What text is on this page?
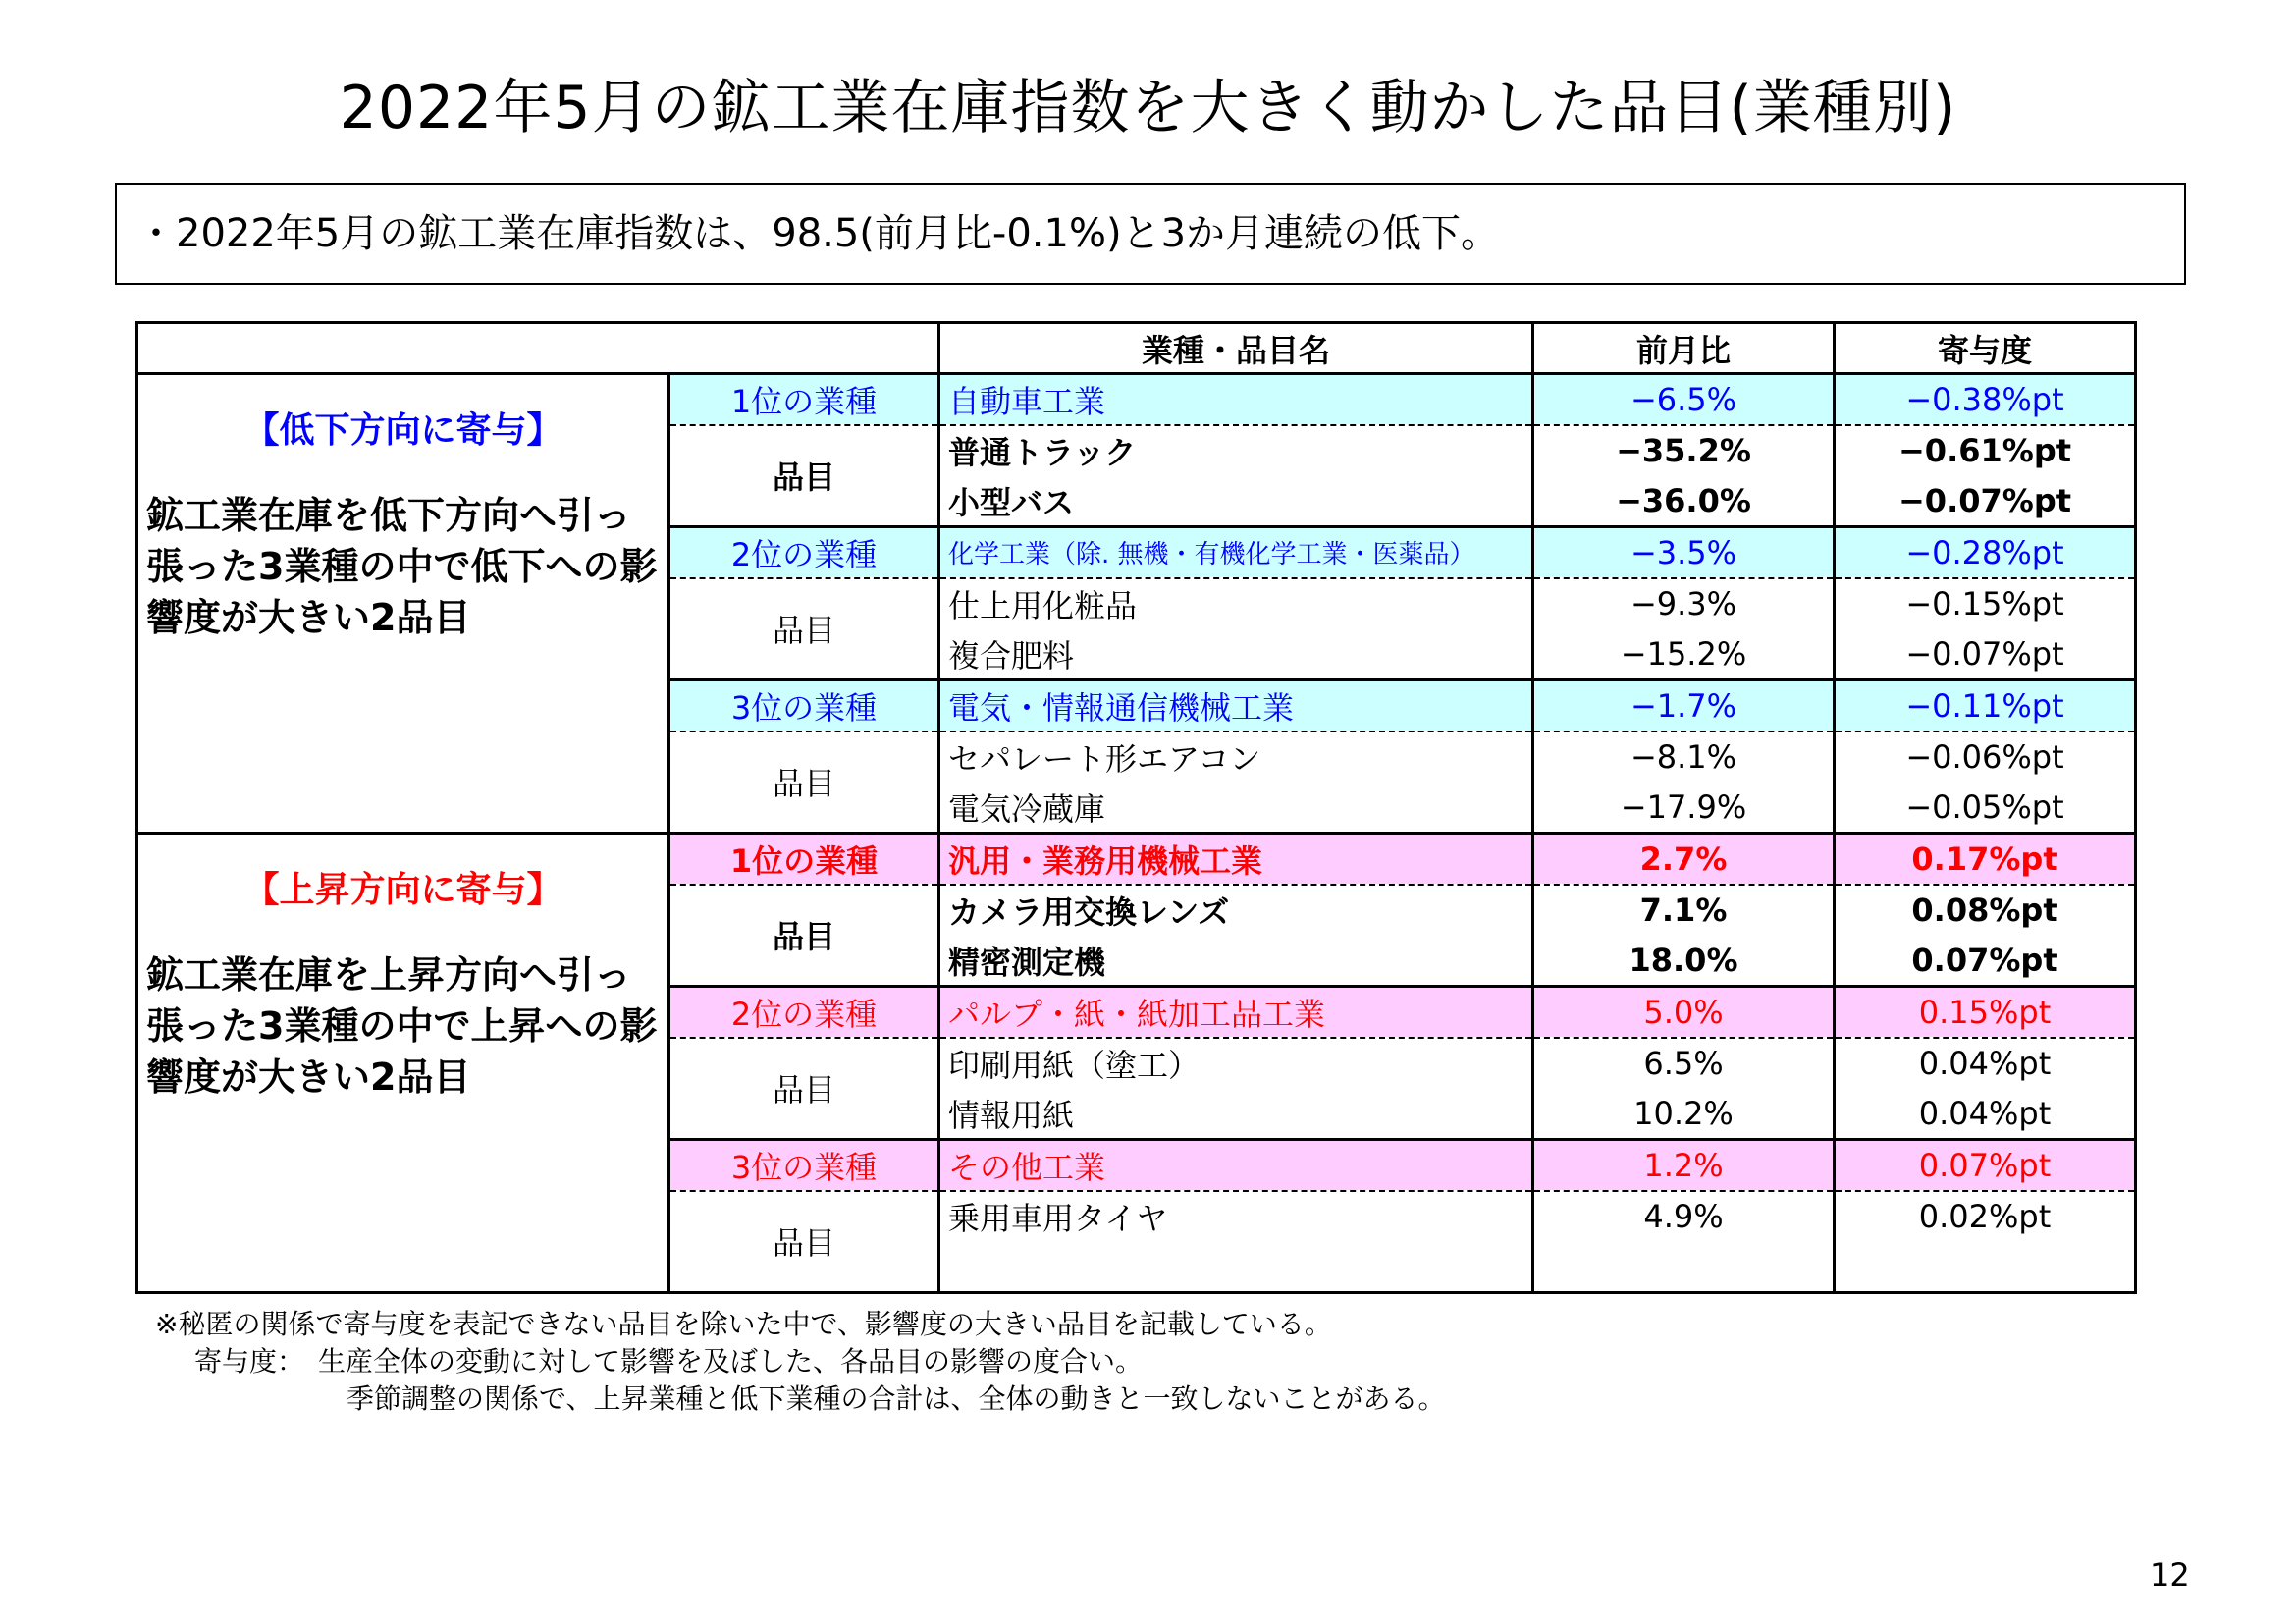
2022年5月の鉱工業在庫指数を大きく動かした品目(業種別)
・2022年5月の鉱工業在庫指数は、98.5(前月比-0.1%)と3か月連続の低下。
		業種・品目名	前月比	寄与度

【低下方向に寄与】
鉱工業在庫を低下方向へ引っ張った3業種の中で低下への影響度が大きい2品目	1位の業種	自動車工業	−6.5%	−0.38%pt
	品目	普通トラック	−35.2%	−0.61%pt
		小型バス	−36.0%	−0.07%pt
	2位の業種	化学工業（除. 無機・有機化学工業・医薬品）	−3.5%	−0.28%pt
	品目	仕上用化粧品	−9.3%	−0.15%pt
		複合肥料	−15.2%	−0.07%pt
	3位の業種	電気・情報通信機械工業	−1.7%	−0.11%pt
	品目	セパレート形エアコン	−8.1%	−0.06%pt
		電気冷蔵庫	−17.9%	−0.05%pt

【上昇方向に寄与】
鉱工業在庫を上昇方向へ引っ張った3業種の中で上昇への影響度が大きい2品目	1位の業種	汎用・業務用機械工業	2.7%	0.17%pt
	品目	カメラ用交換レンズ	7.1%	0.08%pt
		精密測定機	18.0%	0.07%pt
	2位の業種	パルプ・紙・紙加工品工業	5.0%	0.15%pt
	品目	印刷用紙（塗工）	6.5%	0.04%pt
		情報用紙	10.2%	0.04%pt
	3位の業種	その他工業	1.2%	0.07%pt
	品目	乗用車用タイヤ	4.9%	0.02%pt

※秘匿の関係で寄与度を表記できない品目を除いた中で、影響度の大きい品目を記載している。
寄与度：　生産全体の変動に対して影響を及ぼした、各品目の影響の度合い。
季節調整の関係で、上昇業種と低下業種の合計は、全体の動きと一致しないことがある。
12
